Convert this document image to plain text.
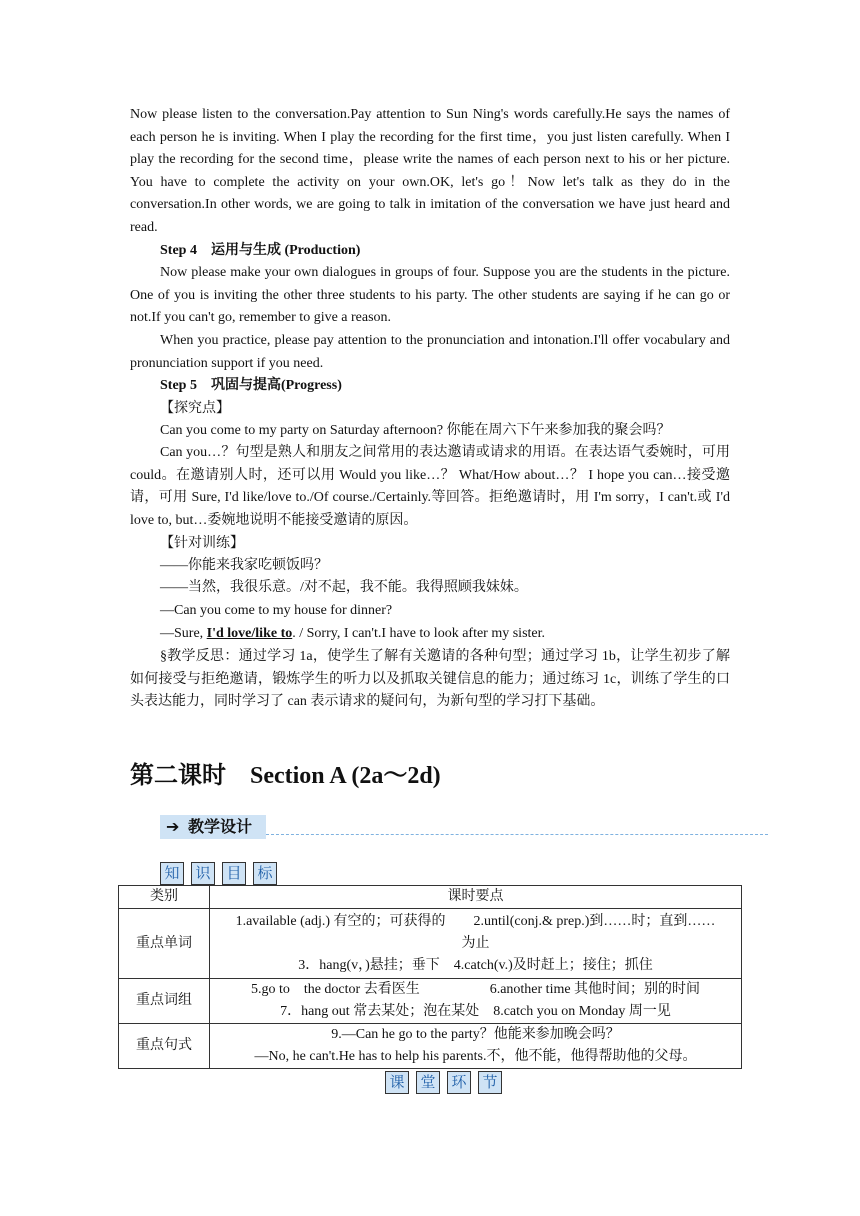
Now please listen to the conversation.Pay attention to Sun Ning's words carefully.He says the names of each person he is inviting. When I play the recording for the first time，you just listen carefully. When I play the recording for the second time，please write the names of each person next to his or her picture. You have to complete the activity on your own.OK, let's go！Now let's talk as they do in the conversation.In other words, we are going to talk in imitation of the conversation we have just heard and read.
Step 4　运用与生成 (Production)
Now please make your own dialogues in groups of four. Suppose you are the students in the picture. One of you is inviting the other three students to his party. The other students are saying if he can go or not.If you can't go, remember to give a reason.
When you practice, please pay attention to the pronunciation and intonation.I'll offer vocabulary and pronunciation support if you need.
Step 5　巩固与提高(Progress)
【探究点】
Can you come to my party on Saturday afternoon? 你能在周六下午来参加我的聚会吗？
Can you…？句型是熟人和朋友之间常用的表达邀请或请求的用语。在表达语气委婉时，可用 could。在邀请别人时，还可以用 Would you like…？ What/How about…？ I hope you can…接受邀请，可用 Sure, I'd like/love to./Of course./Certainly.等回答。拒绝邀请时，用 I'm sorry，I can't.或 I'd love to, but…委婉地说明不能接受邀请的原因。
【针对训练】
——你能来我家吃顿饭吗？
——当然，我很乐意。/对不起，我不能。我得照顾我妹妹。
—Can you come to my house for dinner?
—Sure, I'd love/like to. / Sorry, I can't.I have to look after my sister.
§教学反思：通过学习 1a，使学生了解有关邀请的各种句型；通过学习 1b，让学生初步了解如何接受与拒绝邀请，锻炼学生的听力以及抓取关键信息的能力；通过练习 1c，训练了学生的口头表达能力，同时学习了 can 表示请求的疑问句，为新句型的学习打下基础。
第二课时　Section A (2a～2d)
➔ 教学设计
知	识	目	标
类别	课时要点
重点单词	1.available (adj.) 有空的；可获得的　　2.until(conj.& prep.)到……时；直到……
为止
3．hang(v，)悬挂；垂下　4.catch(v.)及时赶上；接住；抓住

重点词组	5.go to　the doctor 去看医生　　　　　6.another time 其他时间；别的时间
7．hang out 常去某处；泡在某处　8.catch you on Monday 周一见

重点句式	9.—Can he go to the party？他能来参加晚会吗？
—No, he can't.He has to help his parents.不，他不能，他得帮助他的父母。
课	堂	环	节
